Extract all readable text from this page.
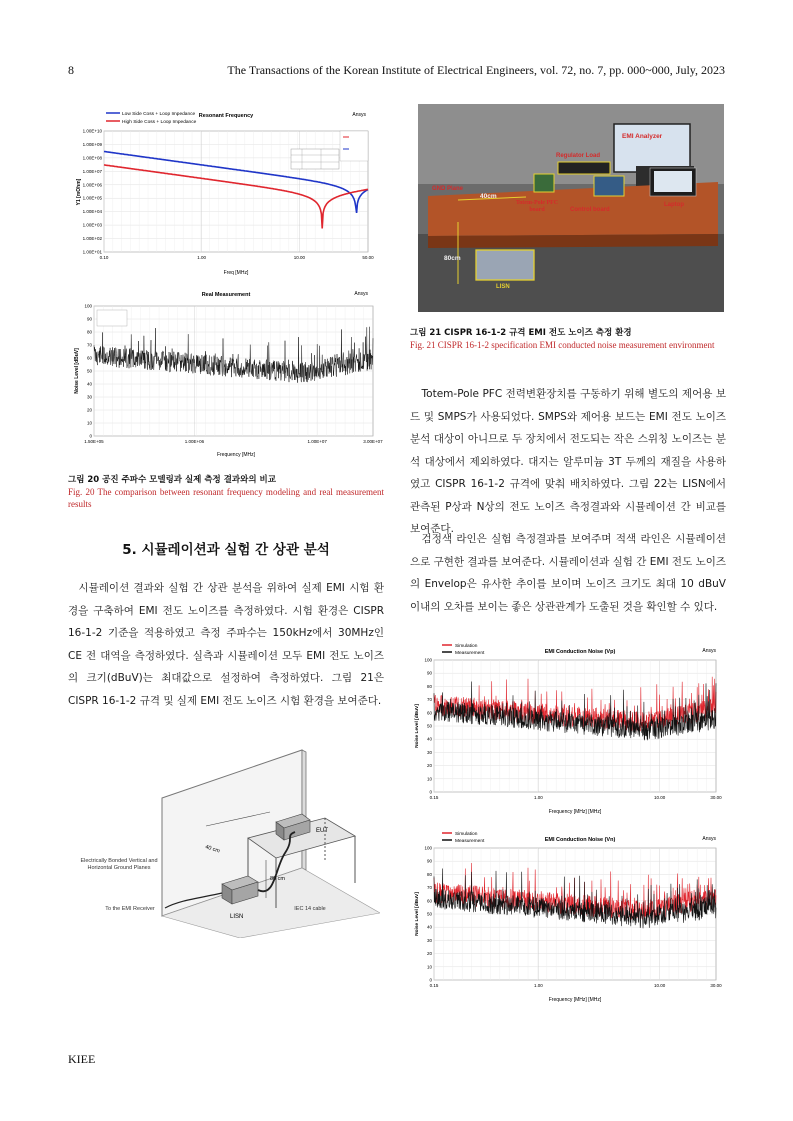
8	The Transactions of the Korean Institute of Electrical Engineers, vol. 72, no. 7, pp. 000~000, July, 2023
Low Side Coss + Loop Impedance
High Side Coss + Loop Impedance
Resonant Frequency	Ansys
1.00E+10
1.00E+09
1.00E+08
1.00E+07
1.00E+06
1.00E+05
1.00E+04
1.00E+03
1.00E+02
1.00E+01
0.10	1.00	10.00	50.00
Y1 [mOhm]
Freq [MHz]
Real Measurement	Ansys
100
90
80
70
60
50
40
30
20
10
0
1.50E+05	1.00E+06	1.00E+07	3.00E+07
Noise Level [dBuV]
Frequency [MHz]
그림 20 공진 주파수 모델링과 실제 측정 결과와의 비교
Fig. 20 The comparison between resonant frequency modeling and real measurement results
5. 시뮬레이션과 실험 간 상관 분석
시뮬레이션 결과와 실험 간 상관 분석을 위하여 실제 EMI 시험 환경을 구축하여 EMI 전도 노이즈를 측정하였다. 시험 환경은 CISPR 16-1-2 기준을 적용하였고 측정 주파수는 150kHz에서 30MHz인 CE 전 대역을 측정하였다. 실측과 시뮬레이션 모두 EMI 전도 노이즈의 크기(dBuV)는 최대값으로 설정하여 측정하였다. 그림 21은 CISPR 16-1-2 규격 및 실제 EMI 전도 노이즈 시험 환경을 보여준다.
EUT
LISN
40 cm
80 cm
Electrically Bonded Vertical and Horizontal Ground Planes
To the EMI Receiver	IEC 14 cable
EMI Analyzer
Regulator Load
GND Plane
40cm
Totem-Pole PFC board	Control board
Laptop
80cm
LISN
그림 21 CISPR 16-1-2 규격 EMI 전도 노이즈 측정 환경
Fig. 21 CISPR 16-1-2 specification EMI conducted noise measurement environment
Totem-Pole PFC 전력변환장치를 구동하기 위해 별도의 제어용 보드 및 SMPS가 사용되었다. SMPS와 제어용 보드는 EMI 전도 노이즈 분석 대상이 아니므로 두 장치에서 전도되는 작은 스위칭 노이즈는 분석 대상에서 제외하였다. 대지는 알루미늄 3T 두께의 재질을 사용하였고 CISPR 16-1-2 규격에 맞춰 배치하였다. 그림 22는 LISN에서 관측된 P상과 N상의 전도 노이즈 측정결과와 시뮬레이션 간 비교를 보여준다.
검정색 라인은 실험 측정결과를 보여주며 적색 라인은 시뮬레이션으로 구현한 결과를 보여준다. 시뮬레이션과 실험 간 EMI 전도 노이즈의 Envelop은 유사한 추이를 보이며 노이즈 크기도 최대 10 dBuV 이내의 오차를 보이는 좋은 상관관계가 도출된 것을 확인할 수 있다.
Simulation
Measurement	EMI Conduction Noise (Vp)	Ansys
100
90
80
70
60
50
40
30
20
10
0
0.15	1.00	10.00	30.00
Noise Level [dBuV]
Frequency [MHz] [MHz]
Simulation
Measurement	EMI Conduction Noise (Vn)	Ansys
100
90
80
70
60
50
40
30
20
10
0
0.15	1.00	10.00	30.00
Noise Level [dBuV]
Frequency [MHz] [MHz]
KIEE
